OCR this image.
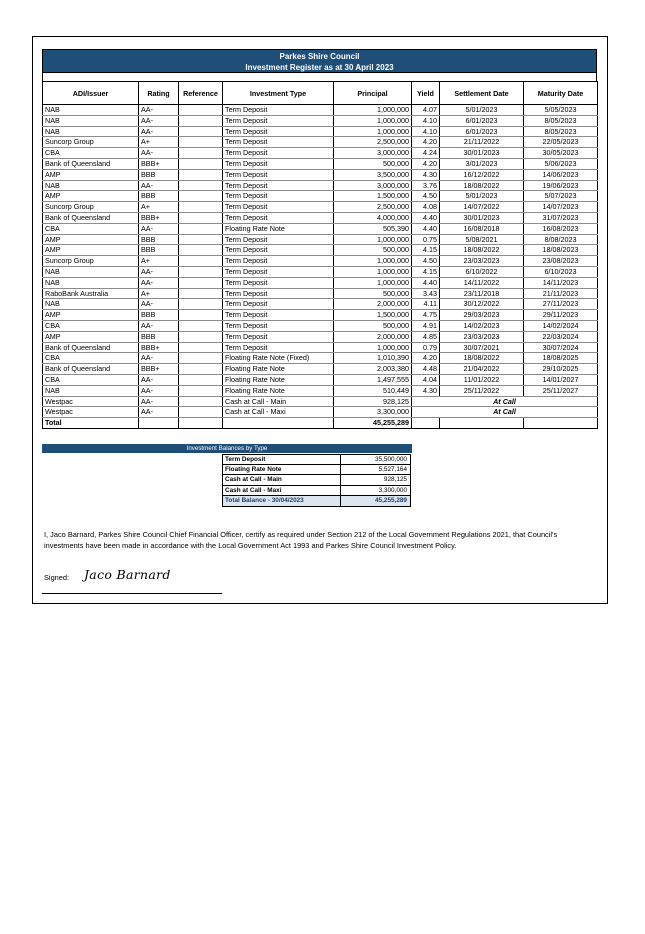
Parkes Shire Council
Investment Register as at 30 April 2023
ADI/Issuer	Rating	Reference	Investment Type	Principal	Yield	Settlement Date	Maturity Date
NAB	AA-		Term Deposit	1,000,000	4.07	5/01/2023	5/05/2023
NAB	AA-		Term Deposit	1,000,000	4.10	6/01/2023	8/05/2023
NAB	AA-		Term Deposit	1,000,000	4.10	6/01/2023	8/05/2023
Suncorp Group	A+		Term Deposit	2,500,000	4.20	21/11/2022	22/05/2023
CBA	AA-		Term Deposit	3,000,000	4.24	30/01/2023	30/05/2023
Bank of Queensland	BBB+		Term Deposit	500,000	4.20	3/01/2023	5/06/2023
AMP	BBB		Term Deposit	3,500,000	4.30	16/12/2022	14/06/2023
NAB	AA-		Term Deposit	3,000,000	3.76	18/08/2022	19/06/2023
AMP	BBB		Term Deposit	1,500,000	4.50	5/01/2023	5/07/2023
Suncorp Group	A+		Term Deposit	2,500,000	4.08	14/07/2022	14/07/2023
Bank of Queensland	BBB+		Term Deposit	4,000,000	4.40	30/01/2023	31/07/2023
CBA	AA-		Floating Rate Note	505,390	4.40	16/08/2018	16/08/2023
AMP	BBB		Term Deposit	1,000,000	0.75	5/08/2021	8/08/2023
AMP	BBB		Term Deposit	500,000	4.15	18/08/2022	18/08/2023
Suncorp Group	A+		Term Deposit	1,000,000	4.50	23/03/2023	23/08/2023
NAB	AA-		Term Deposit	1,000,000	4.15	6/10/2022	6/10/2023
NAB	AA-		Term Deposit	1,000,000	4.40	14/11/2022	14/11/2023
RaboBank Australia	A+		Term Deposit	500,000	3.43	23/11/2018	21/11/2023
NAB	AA-		Term Deposit	2,000,000	4.11	30/12/2022	27/11/2023
AMP	BBB		Term Deposit	1,500,000	4.75	29/03/2023	29/11/2023
CBA	AA-		Term Deposit	500,000	4.91	14/02/2023	14/02/2024
AMP	BBB		Term Deposit	2,000,000	4.85	23/03/2023	22/03/2024
Bank of Queensland	BBB+		Term Deposit	1,000,000	0.79	30/07/2021	30/07/2024
CBA	AA-		Floating Rate Note (Fixed)	1,010,390	4.20	18/08/2022	18/08/2025
Bank of Queensland	BBB+		Floating Rate Note	2,003,380	4.48	21/04/2022	29/10/2025
CBA	AA-		Floating Rate Note	1,497,555	4.04	11/01/2022	14/01/2027
NAB	AA-		Floating Rate Note	510,449	4.30	25/11/2022	25/11/2027
Westpac	AA-		Cash at Call - Main	928,125	At Call		
Westpac	AA-		Cash at Call - Maxi	3,300,000	At Call		
Total				45,255,289			
Investment Balances by Type
Term Deposit	35,500,000
Floating Rate Note	5,527,164
Cash at Call - Main	928,125
Cash at Call - Maxi	3,300,000
Total Balance - 30/04/2023	45,255,289
I, Jaco Barnard, Parkes Shire Council Chief Financial Officer, certify as required under Section 212 of the Local Government Regulations 2021, that Council's investments have been made in accordance with the Local Government Act 1993 and Parkes Shire Council Investment Policy.
Signed: Jaco Barnard
